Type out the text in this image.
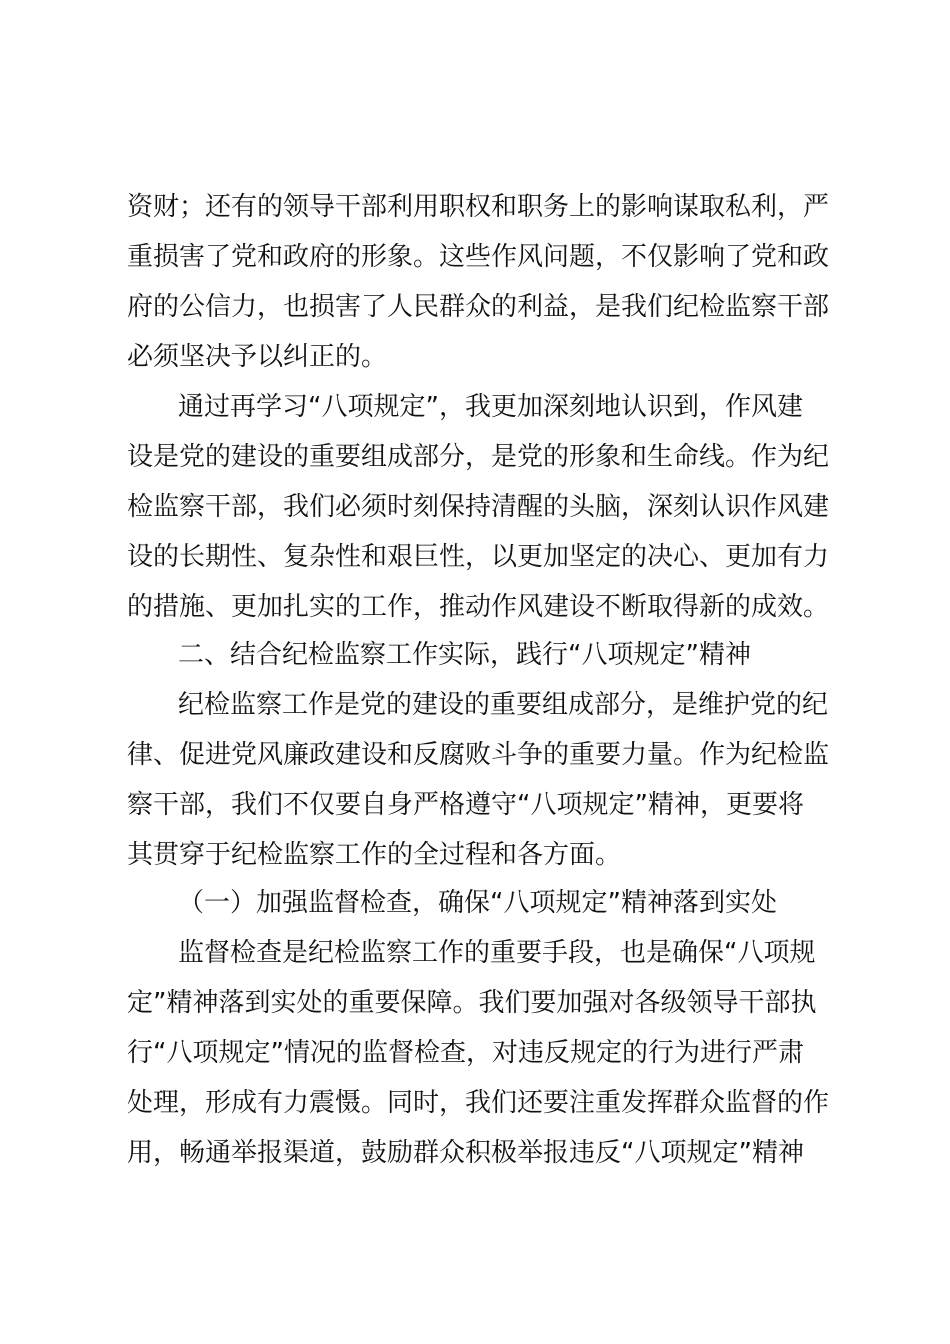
资财；还有的领导干部利用职权和职务上的影响谋取私利，严
重损害了党和政府的形象。这些作风问题，不仅影响了党和政
府的公信力，也损害了人民群众的利益，是我们纪检监察干部
必须坚决予以纠正的。
通过再学习“八项规定”，我更加深刻地认识到，作风建
设是党的建设的重要组成部分，是党的形象和生命线。作为纪
检监察干部，我们必须时刻保持清醒的头脑，深刻认识作风建
设的长期性、复杂性和艰巨性，以更加坚定的决心、更加有力
的措施、更加扎实的工作，推动作风建设不断取得新的成效。
二、结合纪检监察工作实际，践行“八项规定”精神
纪检监察工作是党的建设的重要组成部分，是维护党的纪
律、促进党风廉政建设和反腐败斗争的重要力量。作为纪检监
察干部，我们不仅要自身严格遵守“八项规定”精神，更要将
其贯穿于纪检监察工作的全过程和各方面。
（一）加强监督检查，确保“八项规定”精神落到实处
监督检查是纪检监察工作的重要手段，也是确保“八项规
定”精神落到实处的重要保障。我们要加强对各级领导干部执
行“八项规定”情况的监督检查，对违反规定的行为进行严肃
处理，形成有力震慑。同时，我们还要注重发挥群众监督的作
用，畅通举报渠道，鼓励群众积极举报违反“八项规定”精神
